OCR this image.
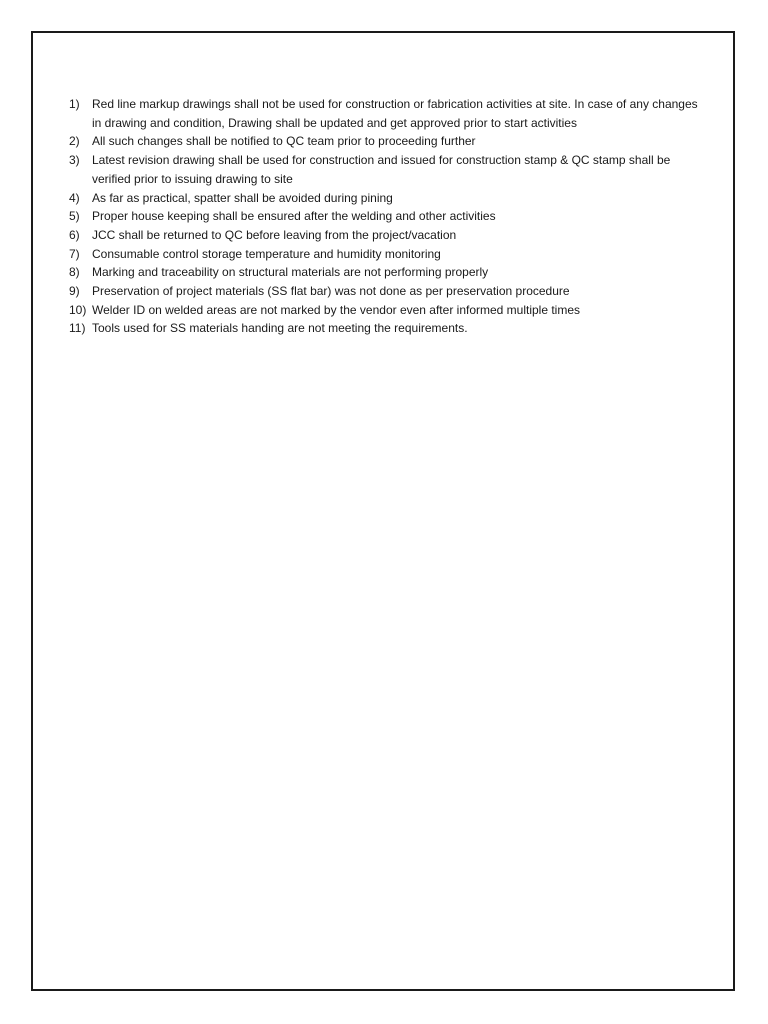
1)	Red line markup drawings shall not be used for construction or fabrication activities at site. In case of any changes in drawing and condition, Drawing shall be updated and get approved prior to start activities
2)	All such changes shall be notified to QC team prior to proceeding further
3)	Latest revision drawing shall be used for construction and issued for construction stamp & QC stamp shall be verified prior to issuing drawing to site
4)	As far as practical, spatter shall be avoided during pining
5)	Proper house keeping shall be ensured after the welding and other activities
6)	JCC shall be returned to QC before leaving from the project/vacation
7)	Consumable control storage temperature and humidity monitoring
8)	Marking and traceability on structural materials are not performing properly
9)	Preservation of project materials (SS flat bar) was not done as per preservation procedure
10) Welder ID on welded areas are not marked by the vendor even after informed multiple times
11) Tools used for SS materials handing are not meeting the requirements.
